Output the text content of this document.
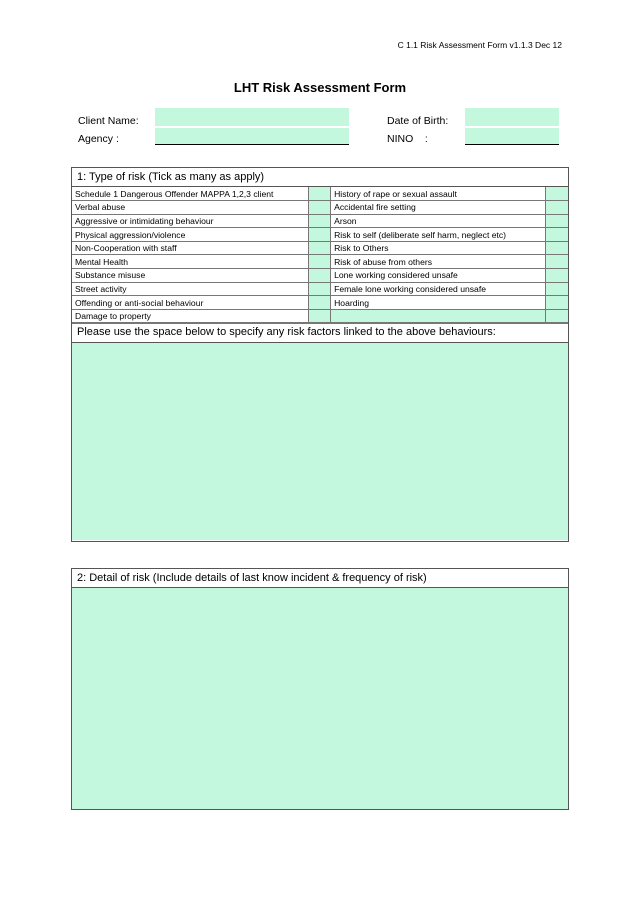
C 1.1 Risk Assessment Form v1.1.3 Dec 12
LHT Risk Assessment Form
Client Name:
Agency :
Date of Birth:
NINO    :
1: Type of risk (Tick as many as apply)
Schedule 1 Dangerous Offender MAPPA 1,2,3 client		History of rape or sexual assault	
Verbal abuse		Accidental fire setting	
Aggressive or intimidating behaviour		Arson	
Physical aggression/violence		Risk to self (deliberate self harm, neglect etc)	
Non-Cooperation with staff		Risk to Others	
Mental Health		Risk of abuse from others	
Substance misuse		Lone working considered unsafe	
Street activity		Female lone working considered unsafe	
Offending or anti-social behaviour		Hoarding	
Damage to property			
Please use the space below to specify any risk factors linked to the above behaviours:
2: Detail of risk (Include details of last know incident & frequency of risk)
